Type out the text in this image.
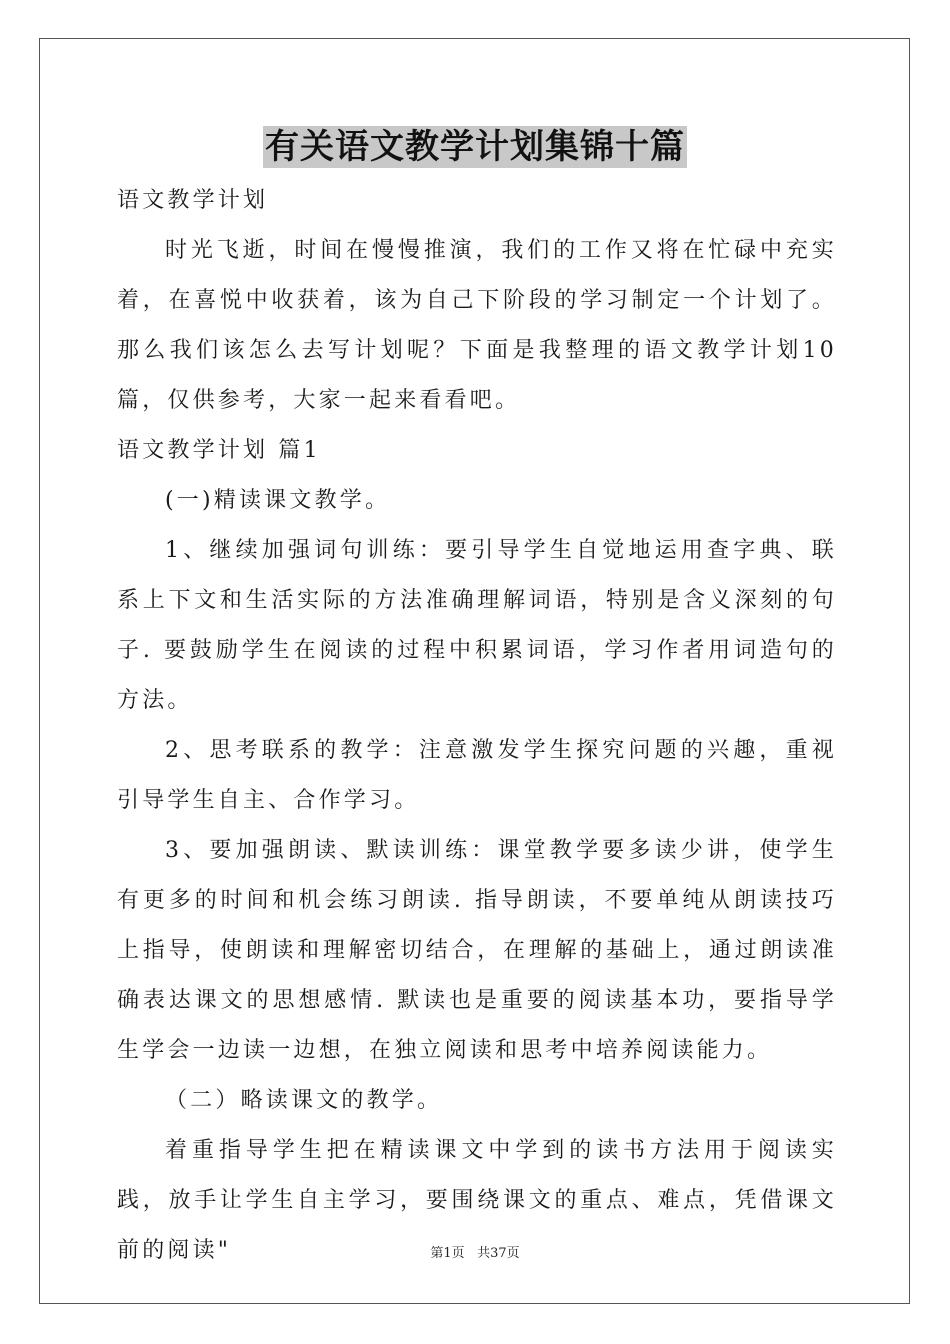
有关语文教学计划集锦十篇

语文教学计划

时光飞逝，时间在慢慢推演，我们的工作又将在忙碌中充实着，在喜悦中收获着，该为自己下阶段的学习制定一个计划了。那么我们该怎么去写计划呢？下面是我整理的语文教学计划10篇，仅供参考，大家一起来看看吧。

语文教学计划 篇1

(一)精读课文教学。

1、继续加强词句训练：要引导学生自觉地运用查字典、联系上下文和生活实际的方法准确理解词语，特别是含义深刻的句子. 要鼓励学生在阅读的过程中积累词语，学习作者用词造句的方法。

2、思考联系的教学：注意激发学生探究问题的兴趣，重视引导学生自主、合作学习。

3、要加强朗读、默读训练：课堂教学要多读少讲，使学生有更多的时间和机会练习朗读. 指导朗读，不要单纯从朗读技巧上指导，使朗读和理解密切结合，在理解的基础上，通过朗读准确表达课文的思想感情. 默读也是重要的阅读基本功，要指导学生学会一边读一边想，在独立阅读和思考中培养阅读能力。

（二）略读课文的教学。

着重指导学生把在精读课文中学到的读书方法用于阅读实践，放手让学生自主学习，要围绕课文的重点、难点，凭借课文前的阅读"	第1页 共37页
